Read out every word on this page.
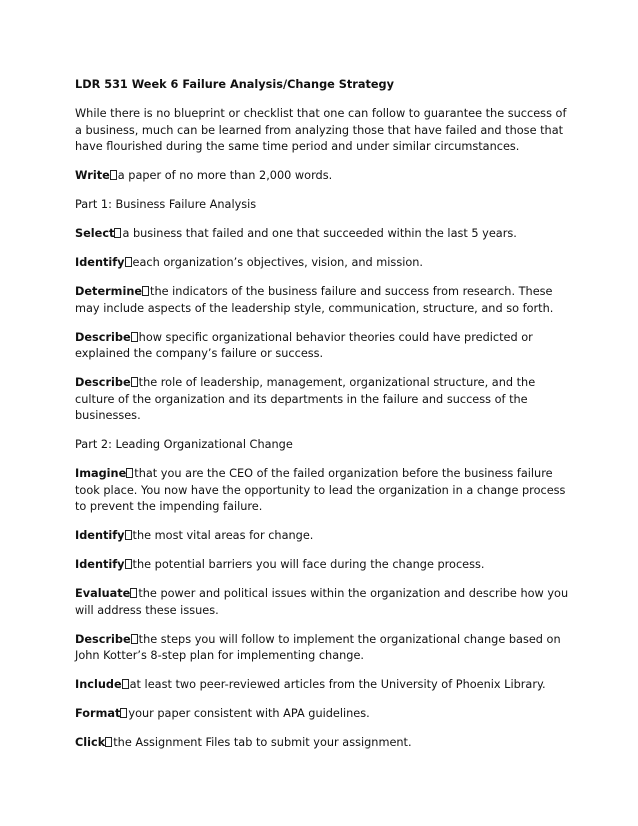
LDR 531 Week 6 Failure Analysis/Change Strategy

While there is no blueprint or checklist that one can follow to guarantee the success of a business, much can be learned from analyzing those that have failed and those that have flourished during the same time period and under similar circumstances.

Write a paper of no more than 2,000 words.

Part 1: Business Failure Analysis

Select a business that failed and one that succeeded within the last 5 years.

Identify each organization’s objectives, vision, and mission.

Determine the indicators of the business failure and success from research. These may include aspects of the leadership style, communication, structure, and so forth.

Describe how specific organizational behavior theories could have predicted or explained the company’s failure or success.

Describe the role of leadership, management, organizational structure, and the culture of the organization and its departments in the failure and success of the businesses.

Part 2: Leading Organizational Change

Imagine that you are the CEO of the failed organization before the business failure took place. You now have the opportunity to lead the organization in a change process to prevent the impending failure.

Identify the most vital areas for change.

Identify the potential barriers you will face during the change process.

Evaluate the power and political issues within the organization and describe how you will address these issues.

Describe the steps you will follow to implement the organizational change based on John Kotter’s 8-step plan for implementing change.

Include at least two peer-reviewed articles from the University of Phoenix Library.

Format your paper consistent with APA guidelines.

Click the Assignment Files tab to submit your assignment.
